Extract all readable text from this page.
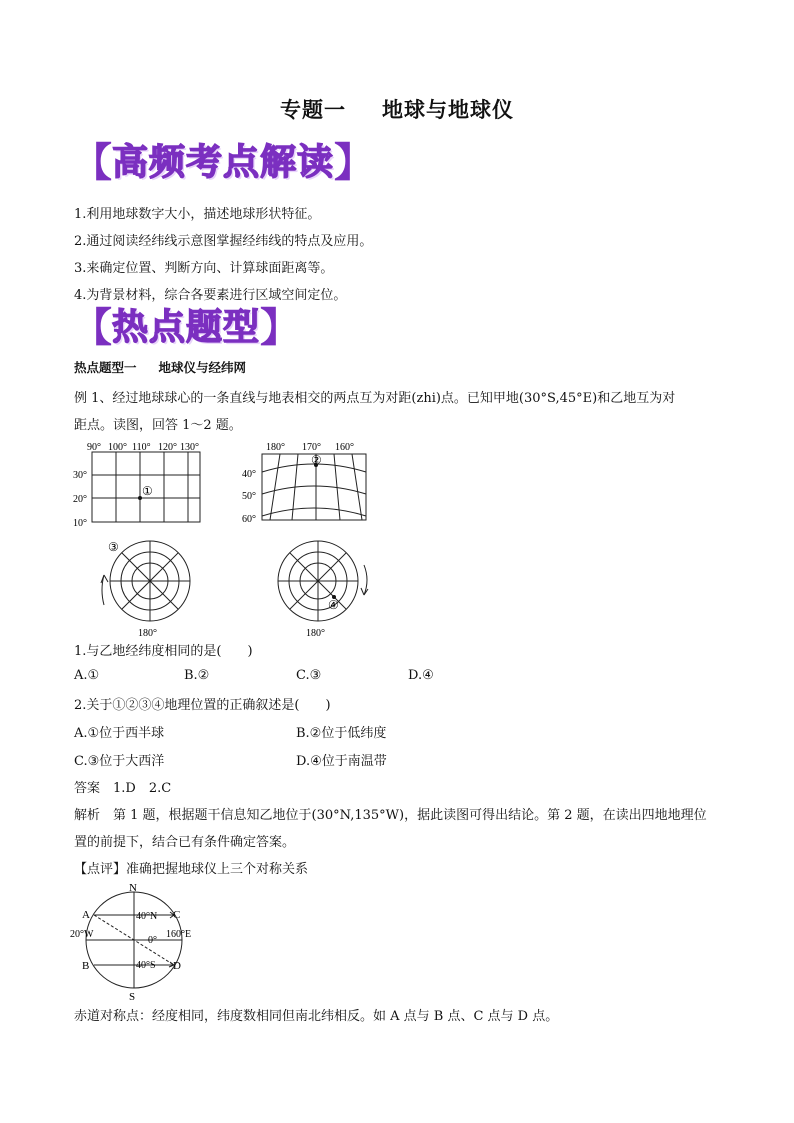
专题一 地球与地球仪
【 高频考点解读 】
1.利用地球数字大小，描述地球形状特征。
2.通过阅读经纬线示意图掌握经纬线的特点及应用。
3.来确定位置、判断方向、计算球面距离等。
4.为背景材料，综合各要素进行区域空间定位。
【 热点题型 】
热点题型一 地球仪与经纬网
例 1、经过地球球心的一条直线与地表相交的两点互为对距(zhi)点。已知甲地(30°S,45°E)和乙地互为对
距点。读图，回答 1～2 题。
90° 100° 110° 120° 130°
30°
20°
10°
①
180° 170° 160°
40°
50°
60°
②
③
180°
④
180°
1.与乙地经纬度相同的是(　　)
A.①	B.②	C.③	D.④
2.关于①②③④地理位置的正确叙述是(　　)
A.①位于西半球	B.②位于低纬度
C.③位于大西洋	D.④位于南温带
答案　1.D　2.C
解析　第 1 题，根据题干信息知乙地位于(30°N,135°W)，据此读图可得出结论。第 2 题，在读出四地地理位
置的前提下，结合已有条件确定答案。
【点评】准确把握地球仪上三个对称关系
N
S
A
B
C
D
40°N
40°S
0°
20°W	160°E
赤道对称点：经度相同，纬度数相同但南北纬相反。如 A 点与 B 点、C 点与 D 点。
